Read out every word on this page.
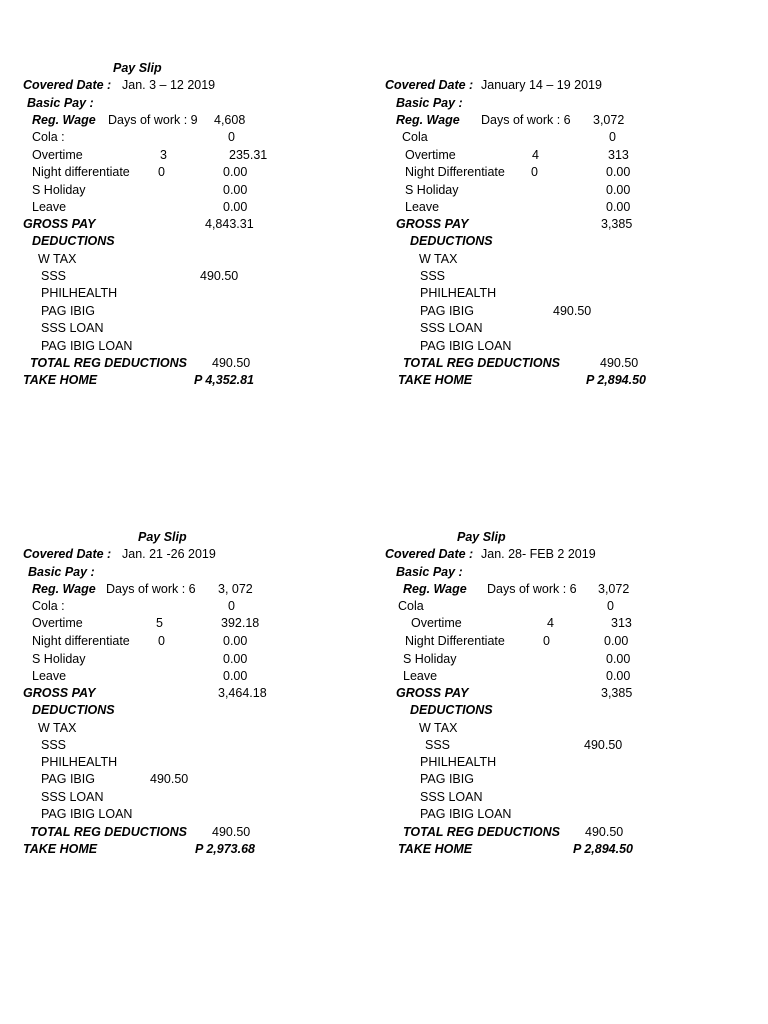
Pay Slip
Covered Date : Jan. 3 – 12 2019
Basic Pay :
Reg. Wage Days of work : 9 4,608
Cola :	0
Overtime	3	235.31
Night differentiate 0	0.00
S Holiday	0.00
Leave	0.00
GROSS PAY	4,843.31
DEDUCTIONS
W TAX
SSS	490.50
PHILHEALTH
PAG IBIG
SSS LOAN
PAG IBIG LOAN
TOTAL REG DEDUCTIONS 490.50
TAKE HOME	P 4,352.81
Covered Date : January 14 – 19 2019
Basic Pay :
Reg. Wage Days of work : 6 3,072
Cola	0
Overtime	4	313
Night Differentiate 0	0.00
S Holiday	0.00
Leave	0.00
GROSS PAY	3,385
DEDUCTIONS
W TAX
SSS
PHILHEALTH
PAG IBIG	490.50
SSS LOAN
PAG IBIG LOAN
TOTAL REG DEDUCTIONS	490.50
TAKE HOME	P 2,894.50
Pay Slip
Covered Date : Jan. 21 -26 2019
Basic Pay :
Reg. Wage Days of work : 6 3, 072
Cola :	0
Overtime	5	392.18
Night differentiate 0	0.00
S Holiday	0.00
Leave	0.00
GROSS PAY	3,464.18
DEDUCTIONS
W TAX
SSS
PHILHEALTH
PAG IBIG	490.50
SSS LOAN
PAG IBIG LOAN
TOTAL REG DEDUCTIONS 490.50
TAKE HOME	P 2,973.68
Pay Slip
Covered Date : Jan. 28- FEB 2 2019
Basic Pay :
Reg. Wage Days of work : 6 3,072
Cola	0
Overtime	4	313
Night Differentiate	0	0.00
S Holiday	0.00
Leave	0.00
GROSS PAY	3,385
DEDUCTIONS
W TAX
SSS	490.50
PHILHEALTH
PAG IBIG
SSS LOAN
PAG IBIG LOAN
TOTAL REG DEDUCTIONS 490.50
TAKE HOME	P 2,894.50
